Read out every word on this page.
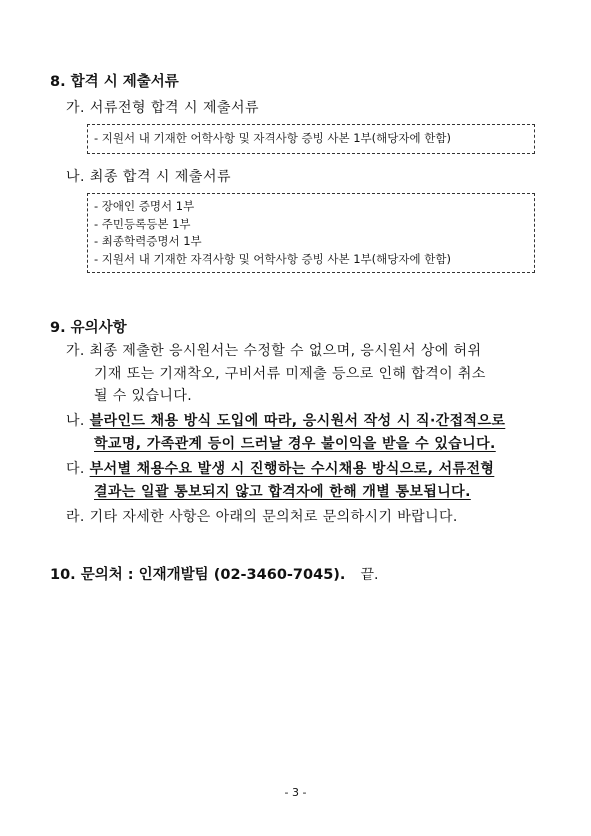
8. 합격 시 제출서류
가. 서류전형 합격 시 제출서류
- 지원서 내 기재한 어학사항 및 자격사항 증빙 사본 1부(해당자에 한함)
나. 최종 합격 시 제출서류
- 장애인 증명서 1부
- 주민등록등본 1부
- 최종학력증명서 1부
- 지원서 내 기재한 자격사항 및 어학사항 증빙 사본 1부(해당자에 한함)
9. 유의사항
가. 최종 제출한 응시원서는 수정할 수 없으며, 응시원서 상에 허위
기재 또는 기재착오, 구비서류 미제출 등으로 인해 합격이 취소
될 수 있습니다.
나. 블라인드 채용 방식 도입에 따라, 응시원서 작성 시 직·간접적으로
학교명, 가족관계 등이 드러날 경우 불이익을 받을 수 있습니다.
다. 부서별 채용수요 발생 시 진행하는 수시채용 방식으로, 서류전형
결과는 일괄 통보되지 않고 합격자에 한해 개별 통보됩니다.
라. 기타 자세한 사항은 아래의 문의처로 문의하시기 바랍니다.
10. 문의처 : 인재개발팀 (02-3460-7045). 끝.
- 3 -
